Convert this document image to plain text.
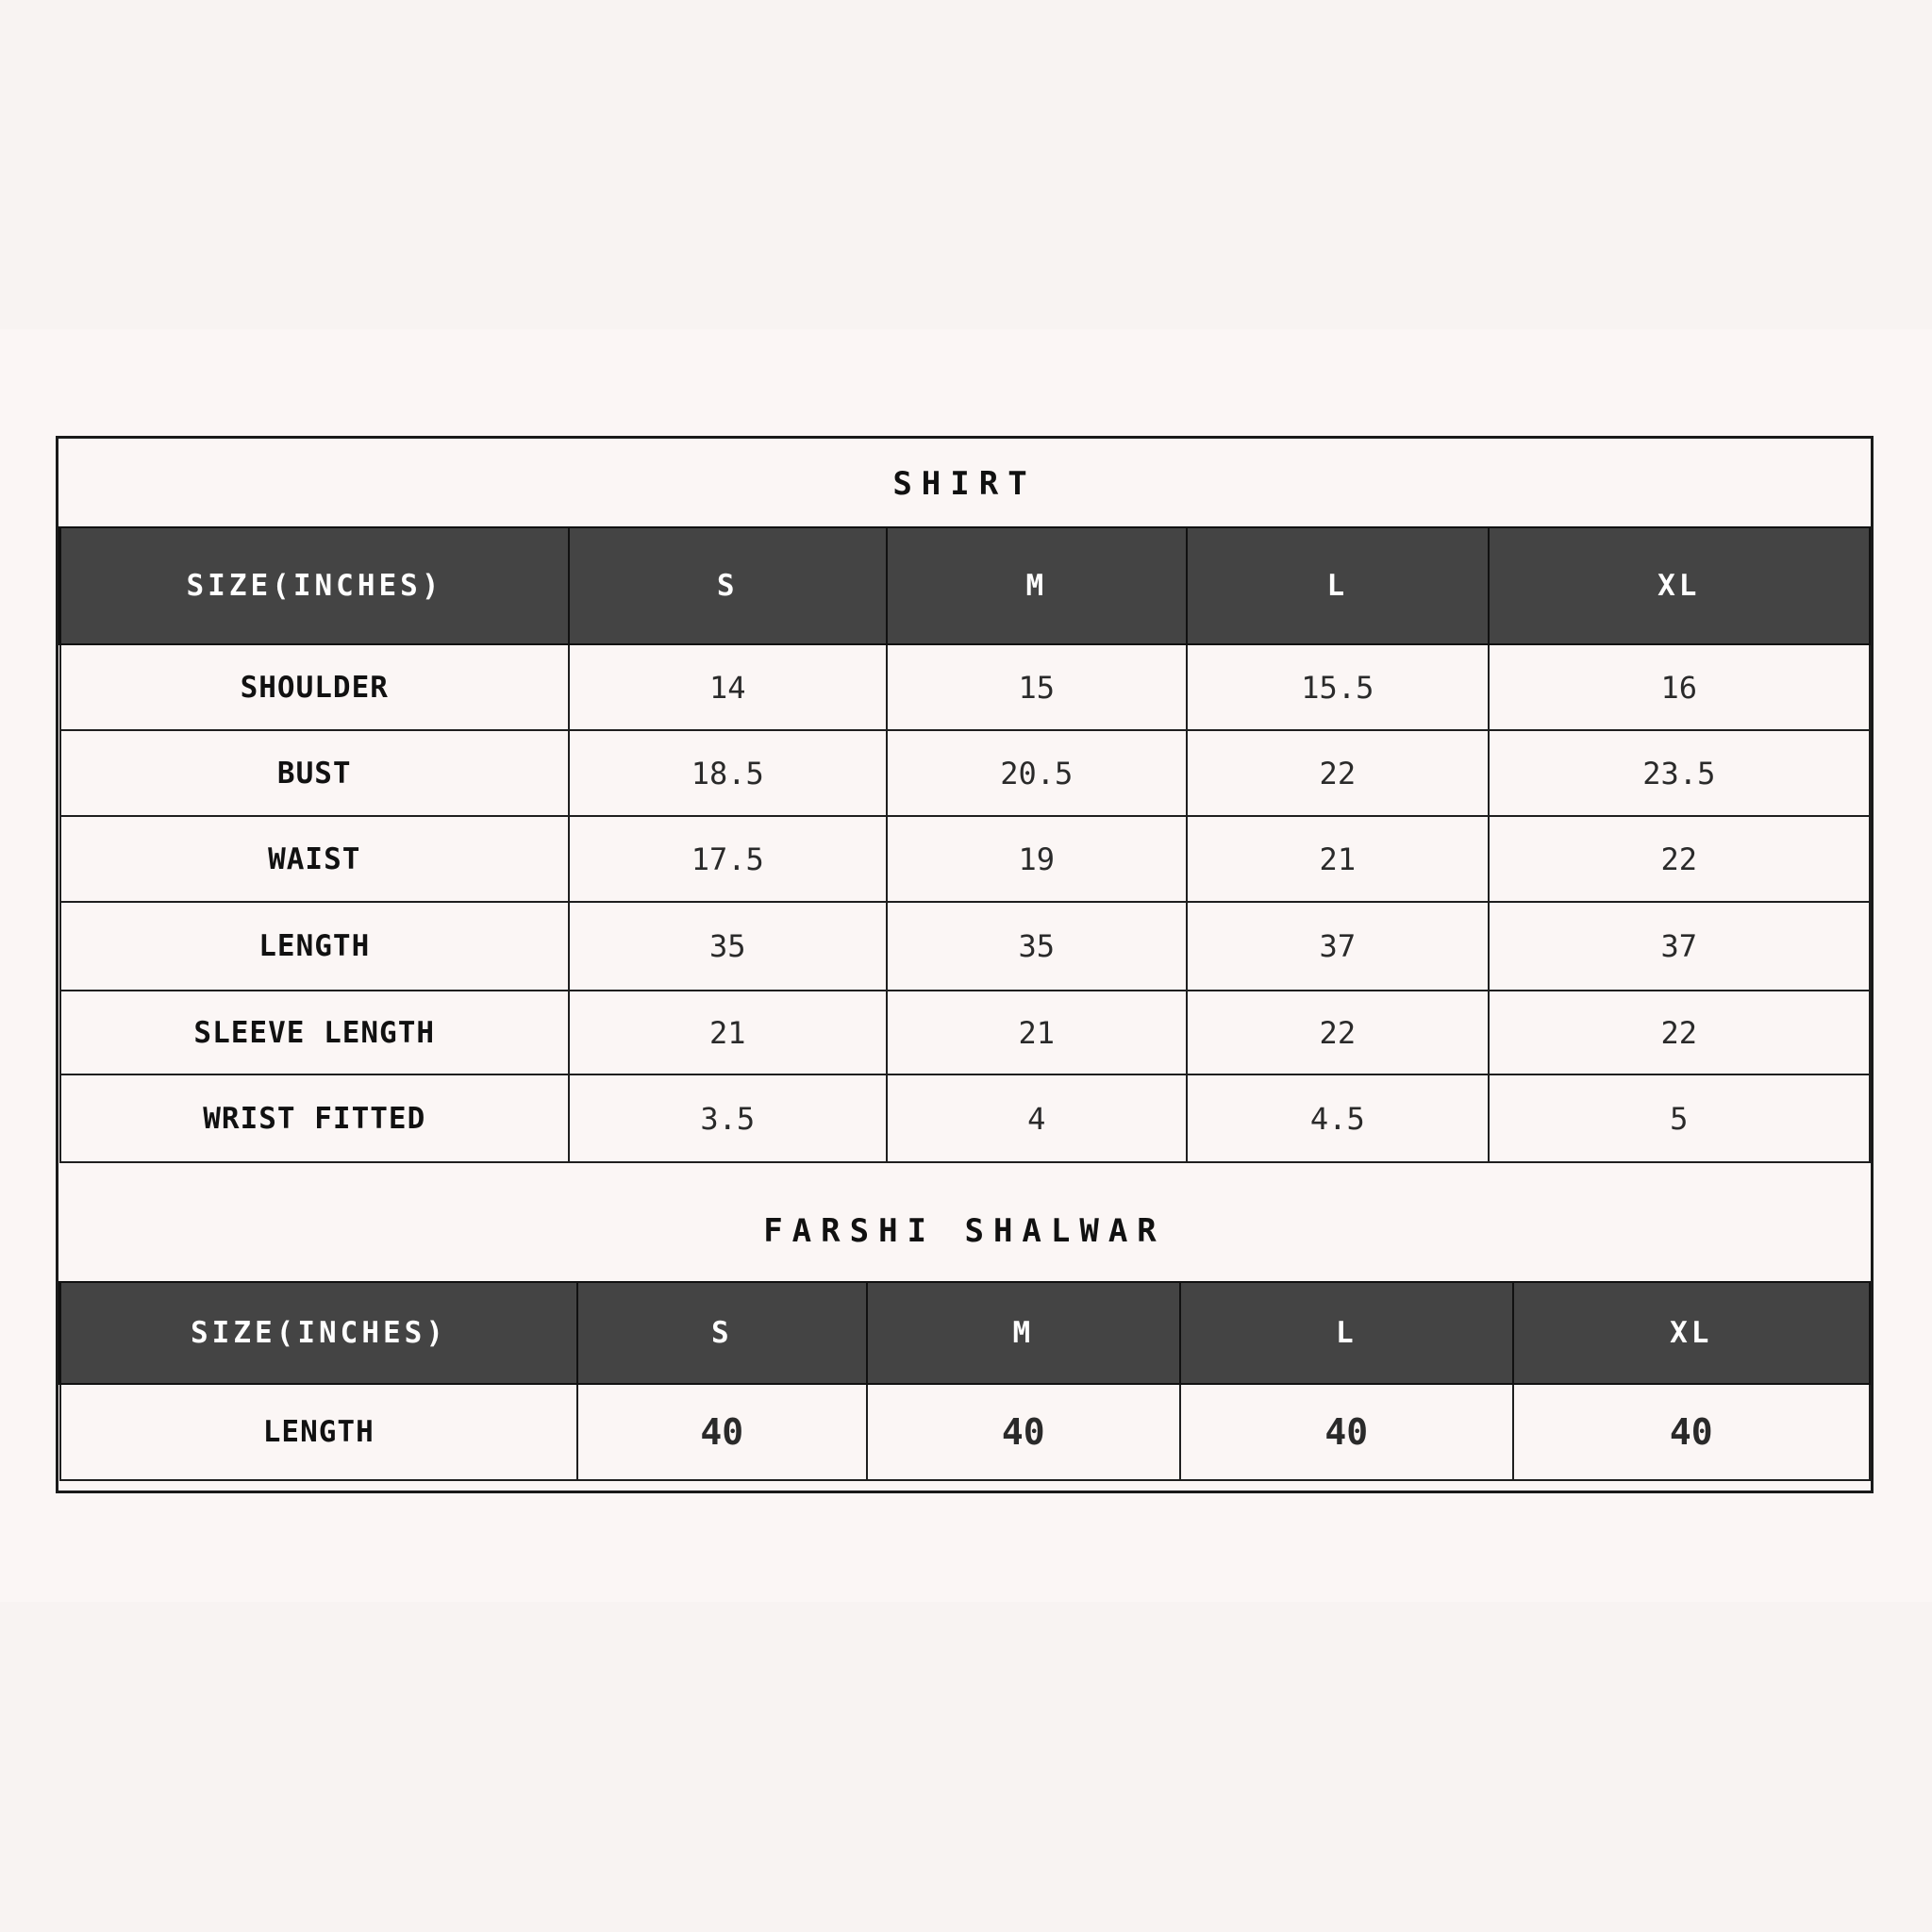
SHIRT
SIZE(INCHES)	S	M	L	XL
SHOULDER	14	15	15.5	16
BUST	18.5	20.5	22	23.5
WAIST	17.5	19	21	22
LENGTH	35	35	37	37
SLEEVE LENGTH	21	21	22	22
WRIST FITTED	3.5	4	4.5	5
FARSHI SHALWAR
SIZE(INCHES)	S	M	L	XL
LENGTH	40	40	40	40
